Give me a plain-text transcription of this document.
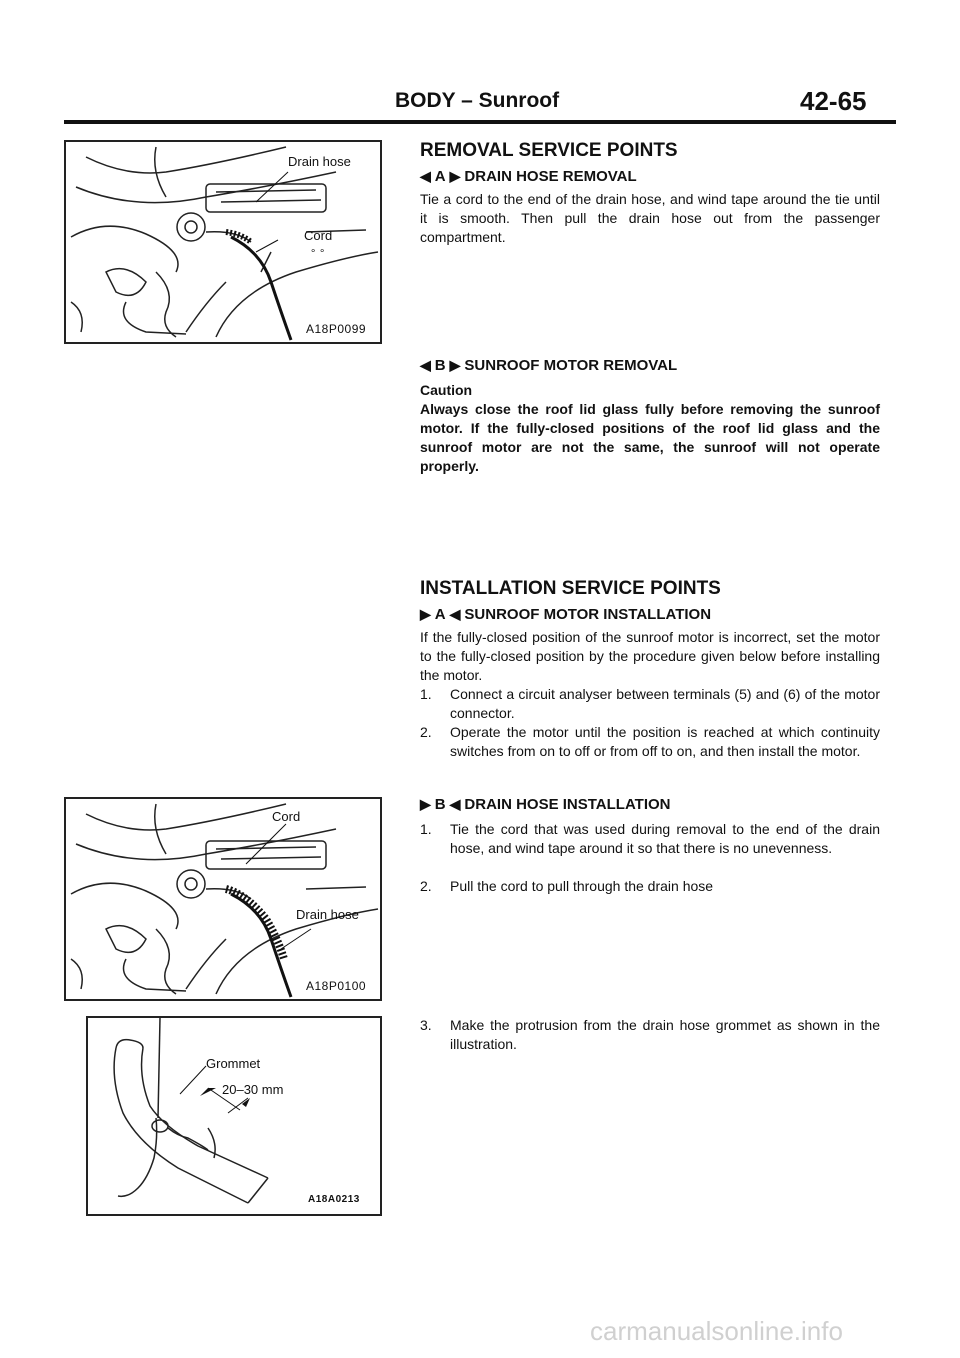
BODY – Sunroof	42-65
Drain hose
Cord
∘ ∘
A18P0099
Cord
Drain hose
A18P0100
Grommet
20–30 mm
A18A0213
REMOVAL SERVICE POINTS
◀ A ▶ DRAIN HOSE REMOVAL
Tie a cord to the end of the drain hose, and wind tape around the tie until it is smooth. Then pull the drain hose out from the passenger compartment.
◀ B ▶ SUNROOF MOTOR REMOVAL
Caution
Always close the roof lid glass fully before removing the sunroof motor. If the fully-closed positions of the roof lid glass and the sunroof motor are not the same, the sunroof will not operate properly.
INSTALLATION SERVICE POINTS
▶ A ◀ SUNROOF MOTOR INSTALLATION
If the fully-closed position of the sunroof motor is incorrect, set the motor to the fully-closed position by the procedure given below before installing the motor.
1.	Connect a circuit analyser between terminals (5) and (6) of the motor connector.
2.	Operate the motor until the position is reached at which continuity switches from on to off or from off to on, and then install the motor.
▶ B ◀ DRAIN HOSE INSTALLATION
1.	Tie the cord that was used during removal to the end of the drain hose, and wind tape around it so that there is no unevenness.
2.	Pull the cord to pull through the drain hose
3.	Make the protrusion from the drain hose grommet as shown in the illustration.
carmanualsonline.info
